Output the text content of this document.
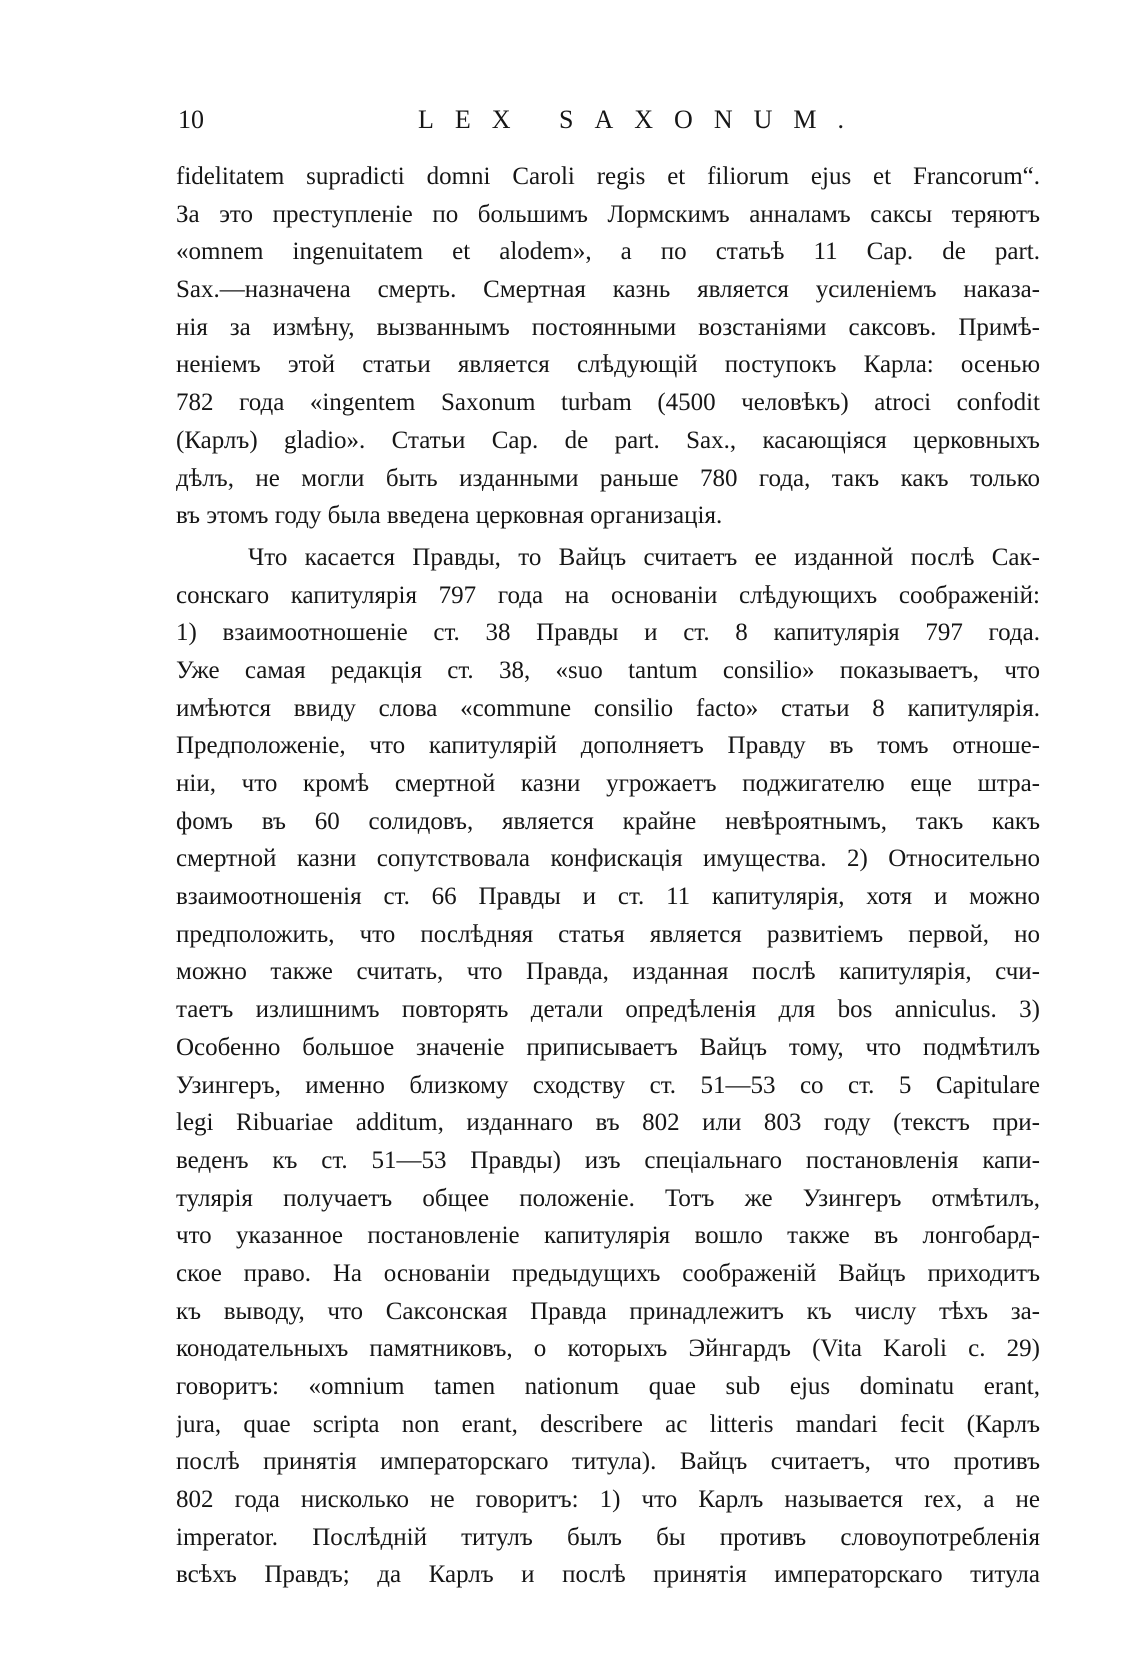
10	LEX SAXONUM.
fidelitatem supradicti domni Caroli regis et filiorum ejus et Francorum“.
За это преступленіе по большимъ Лормскимъ анналамъ саксы теряютъ
«omnem ingenuitatem et alodem», а по статьѣ 11 Cap. de part.
Sax.—назначена смерть. Смертная казнь является усиленіемъ наказа-
нія за измѣну, вызваннымъ постоянными возстаніями саксовъ. Примѣ-
неніемъ этой статьи является слѣдующій поступокъ Карла: осенью
782 года «ingentem Saxonum turbam (4500 человѣкъ) atroci confodit
(Карлъ) gladio». Статьи Cap. de part. Sax., касающіяся церковныхъ
дѣлъ, не могли быть изданными раньше 780 года, такъ какъ только
въ этомъ году была введена церковная организація.
Что касается Правды, то Вайцъ считаетъ ее изданной послѣ Сак-
сонскаго капитулярія 797 года на основаніи слѣдующихъ соображеній:
1) взаимоотношеніе ст. 38 Правды и ст. 8 капитулярія 797 года.
Уже самая редакція ст. 38, «suo tantum consilio» показываетъ, что
имѣются ввиду слова «commune consilio facto» статьи 8 капитулярія.
Предположеніе, что капитулярій дополняетъ Правду въ томъ отноше-
ніи, что кромѣ смертной казни угрожаетъ поджигателю еще штра-
фомъ въ 60 солидовъ, является крайне невѣроятнымъ, такъ какъ
смертной казни сопутствовала конфискація имущества. 2) Относительно
взаимоотношенія ст. 66 Правды и ст. 11 капитулярія, хотя и можно
предположить, что послѣдняя статья является развитіемъ первой, но
можно также считать, что Правда, изданная послѣ капитулярія, счи-
таетъ излишнимъ повторять детали опредѣленія для bos anniculus. 3)
Особенно большое значеніе приписываетъ Вайцъ тому, что подмѣтилъ
Узингеръ, именно близкому сходству ст. 51—53 со ст. 5 Capitulare
legi Ribuariae additum, изданнаго въ 802 или 803 году (текстъ при-
веденъ къ ст. 51—53 Правды) изъ спеціальнаго постановленія капи-
тулярія получаетъ общее положеніе. Тотъ же Узингеръ отмѣтилъ,
что указанное постановленіе капитулярія вошло также въ лонгобард-
ское право. На основаніи предыдущихъ соображеній Вайцъ приходитъ
къ выводу, что Саксонская Правда принадлежитъ къ числу тѣхъ за-
конодательныхъ памятниковъ, о которыхъ Эйнгардъ (Vita Karoli c. 29)
говоритъ: «omnium tamen nationum quae sub ejus dominatu erant,
jura, quae scripta non erant, describere ac litteris mandari fecit (Карлъ
послѣ принятія императорскаго титула). Вайцъ считаетъ, что противъ
802 года нисколько не говоритъ: 1) что Карлъ называется rex, а не
imperator. Послѣдній титулъ былъ бы противъ словоупотребленія
всѣхъ Правдъ; да Карлъ и послѣ принятія императорскаго титула
